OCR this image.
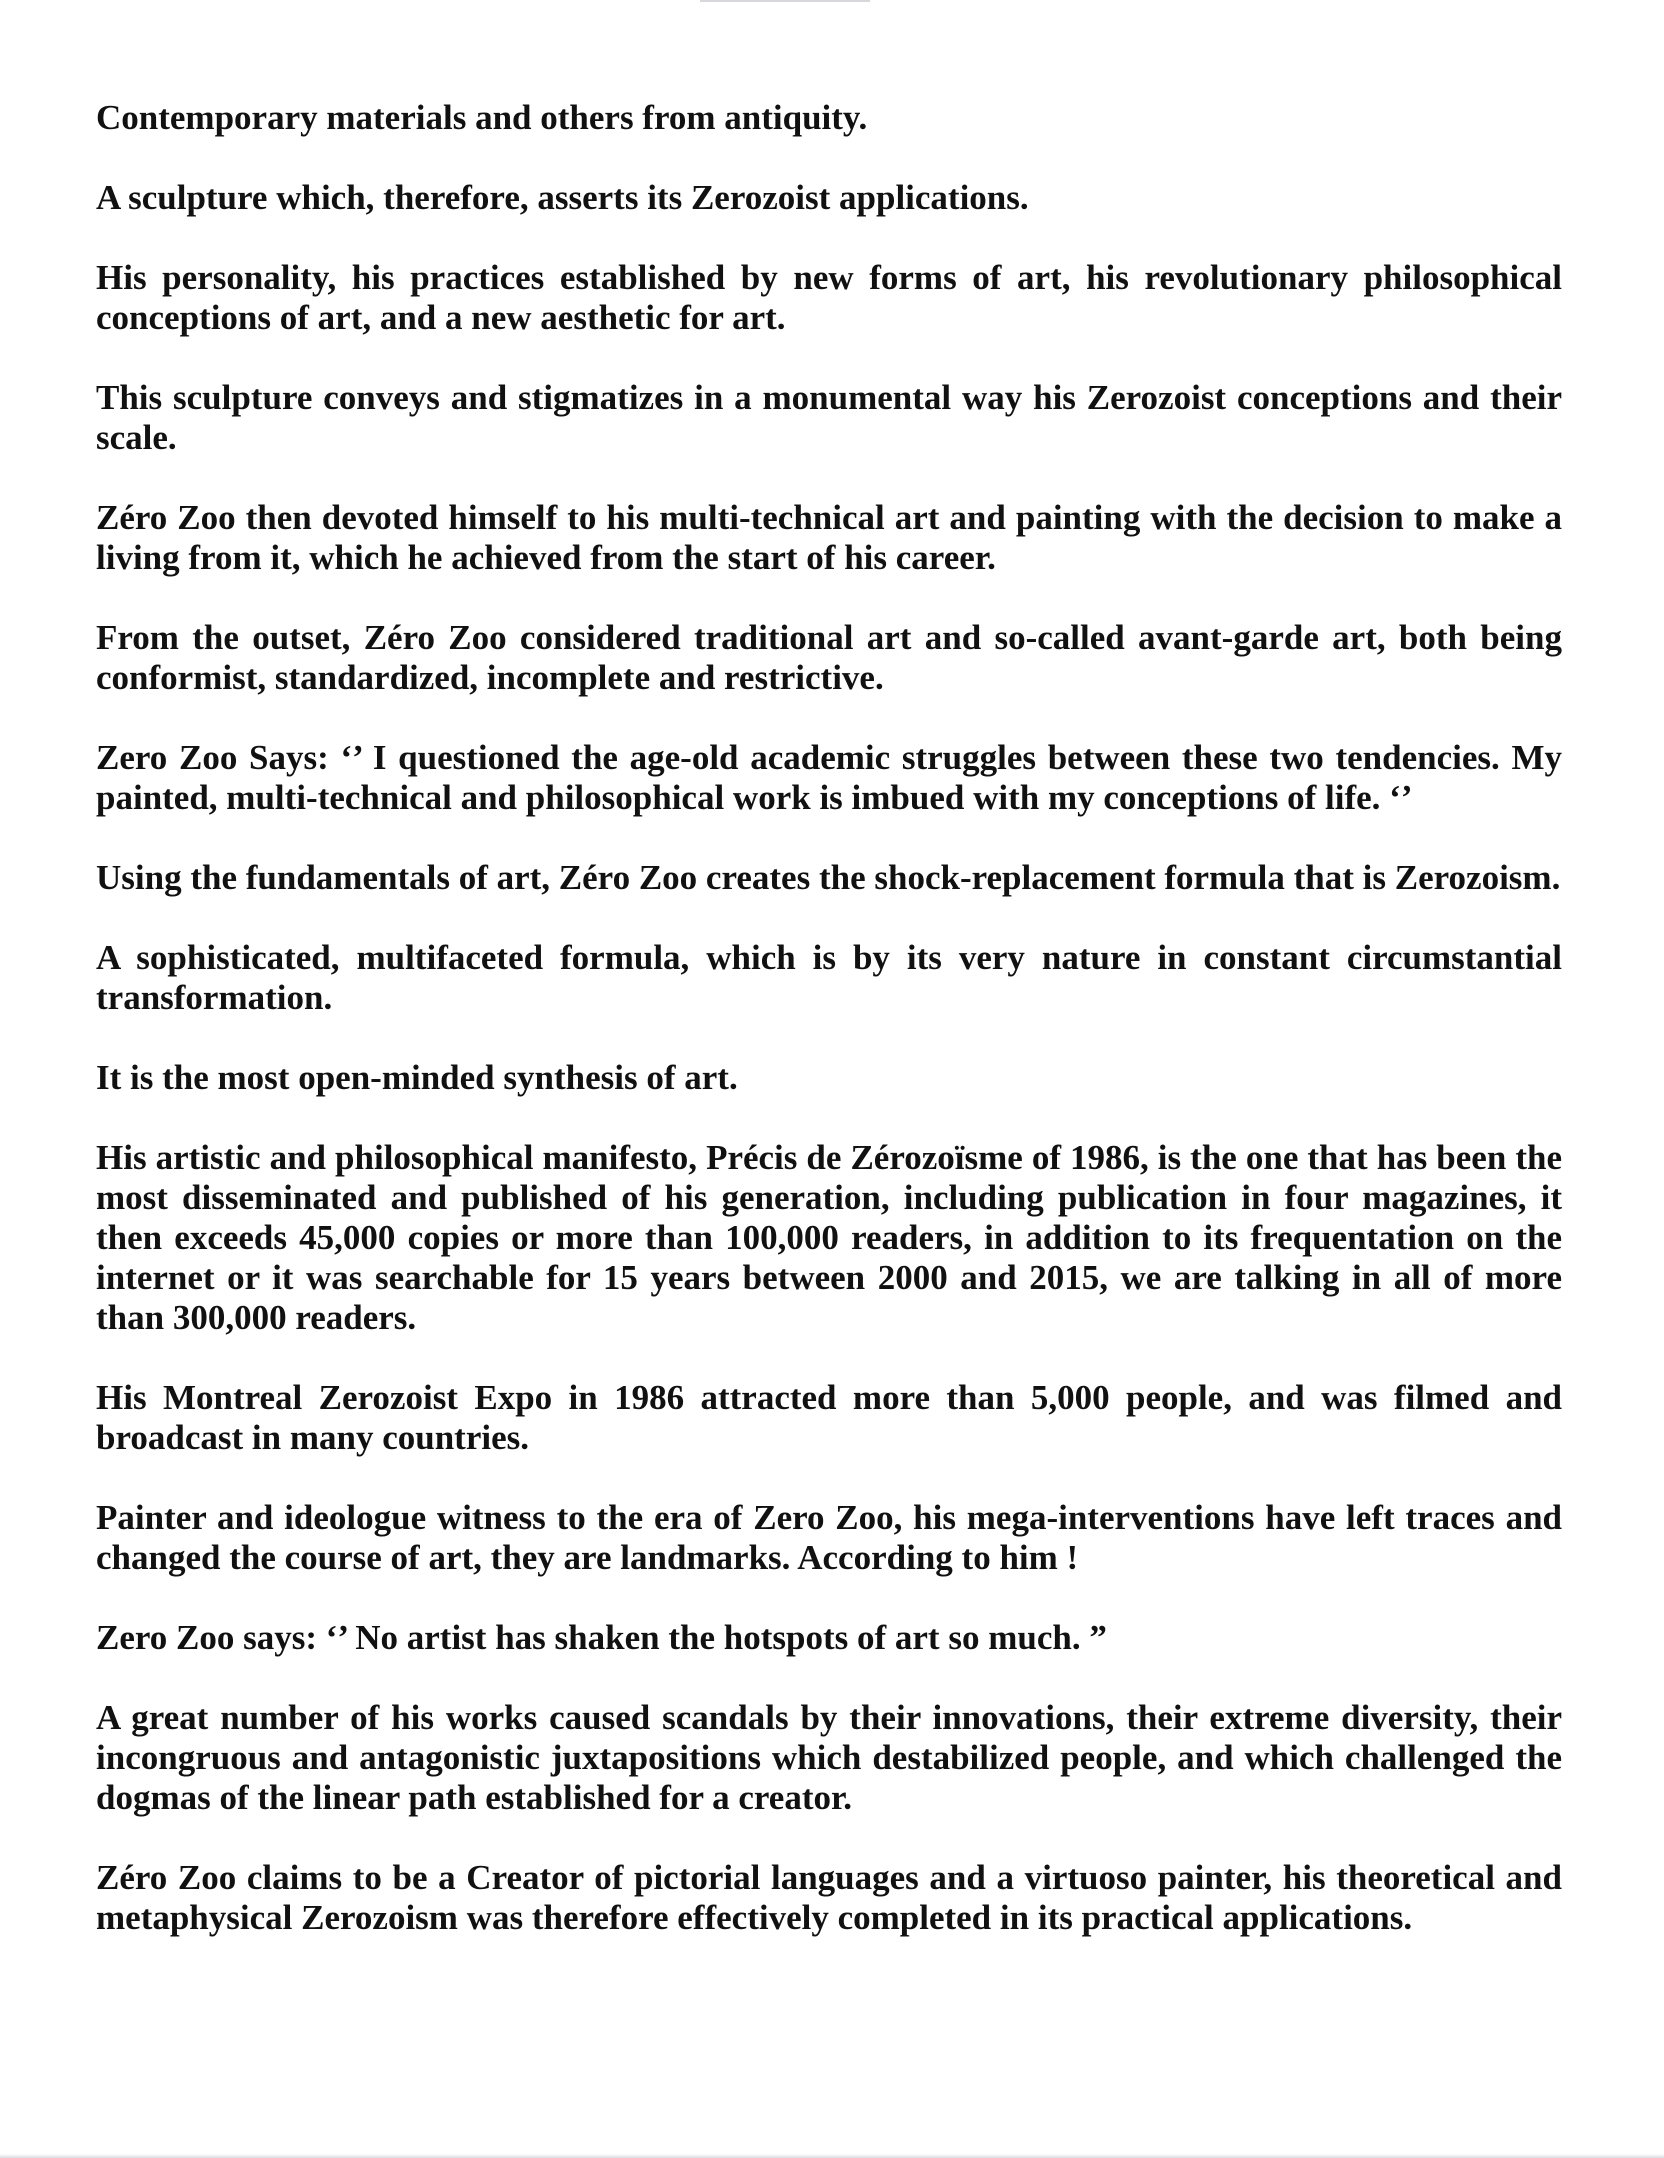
Contemporary materials and others from antiquity.

A sculpture which, therefore, asserts its Zerozoist applications.

His personality, his practices established by new forms of art, his revolutionary philosophical conceptions of art, and a new aesthetic for art.

This sculpture conveys and stigmatizes in a monumental way his Zerozoist conceptions and their scale.

Zéro Zoo then devoted himself to his multi-technical art and painting with the decision to make a living from it, which he achieved from the start of his career.

From the outset, Zéro Zoo considered traditional art and so-called avant-garde art, both being conformist, standardized, incomplete and restrictive.

Zero Zoo Says: ‘’ I questioned the age-old academic struggles between these two tendencies. My painted, multi-technical and philosophical work is imbued with my conceptions of life. ‘’

Using the fundamentals of art, Zéro Zoo creates the shock-replacement formula that is Zerozoism.

A sophisticated, multifaceted formula, which is by its very nature in constant circumstantial transformation.

It is the most open-minded synthesis of art.

His artistic and philosophical manifesto, Précis de Zérozoïsme of 1986, is the one that has been the most disseminated and published of his generation, including publication in four magazines, it then exceeds 45,000 copies or more than 100,000 readers, in addition to its frequentation on the internet or it was searchable for 15 years between 2000 and 2015, we are talking in all of more than 300,000 readers.

His Montreal Zerozoist Expo in 1986 attracted more than 5,000 people, and was filmed and broadcast in many countries.

Painter and ideologue witness to the era of Zero Zoo, his mega-interventions have left traces and changed the course of art, they are landmarks. According to him !

Zero Zoo says: ‘’ No artist has shaken the hotspots of art so much. ”

A great number of his works caused scandals by their innovations, their extreme diversity, their incongruous and antagonistic juxtapositions which destabilized people, and which challenged the dogmas of the linear path established for a creator.

Zéro Zoo claims to be a Creator of pictorial languages and a virtuoso painter, his theoretical and metaphysical Zerozoism was therefore effectively completed in its practical applications.
